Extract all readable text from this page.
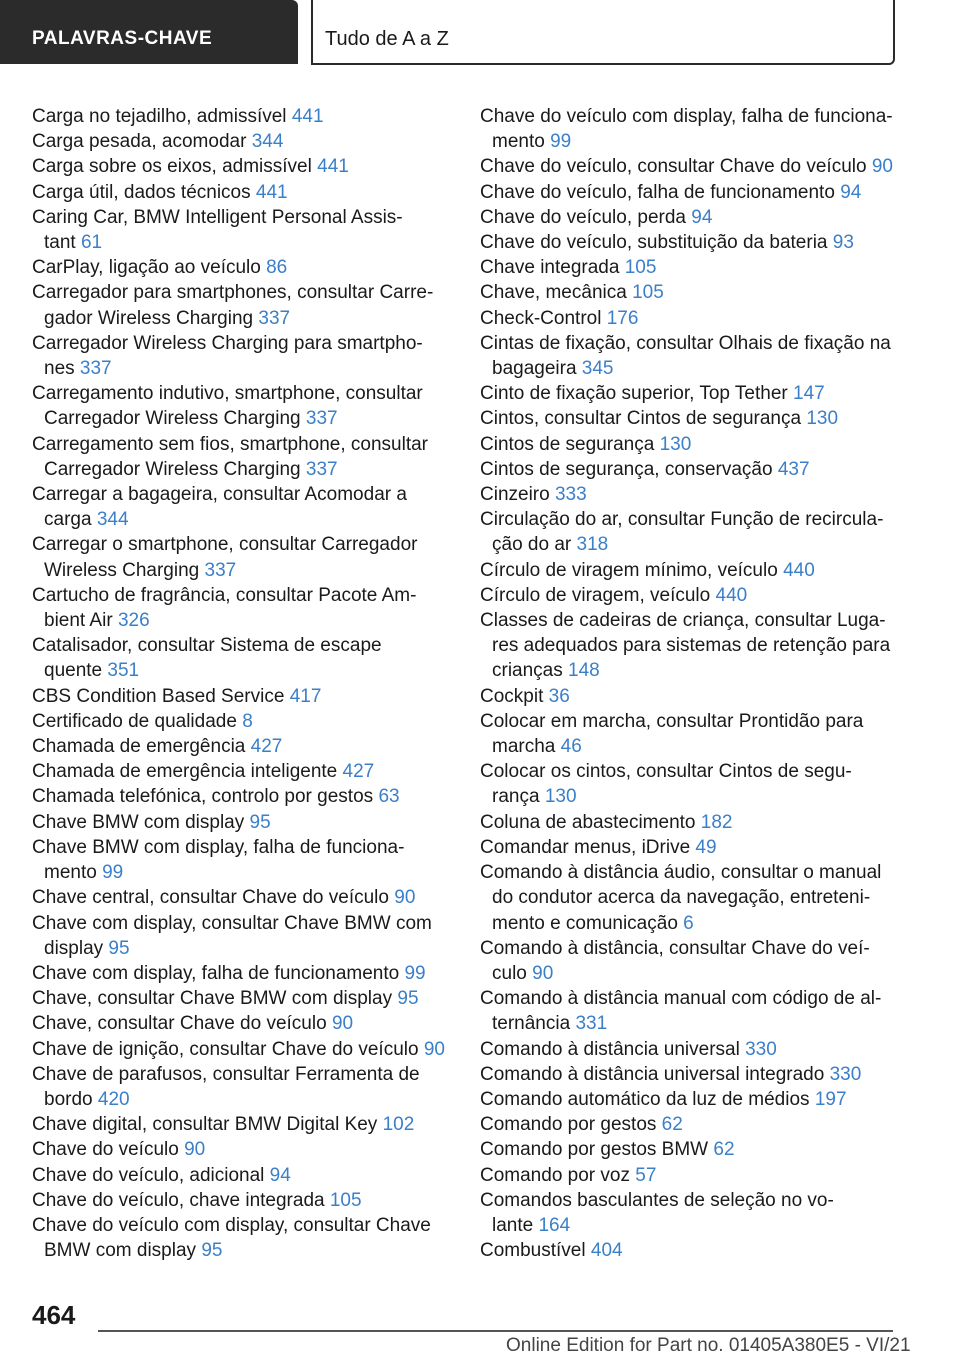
PALAVRAS-CHAVE	Tudo de A a Z
Carga no tejadilho, admissível 441
Carga pesada, acomodar 344
Carga sobre os eixos, admissível 441
Carga útil, dados técnicos 441
Caring Car, BMW Intelligent Personal Assis-
tant 61
CarPlay, ligação ao veículo 86
Carregador para smartphones, consultar Carre-
gador Wireless Charging 337
Carregador Wireless Charging para smartpho-
nes 337
Carregamento indutivo, smartphone, consultar
Carregador Wireless Charging 337
Carregamento sem fios, smartphone, consultar
Carregador Wireless Charging 337
Carregar a bagageira, consultar Acomodar a
carga 344
Carregar o smartphone, consultar Carregador
Wireless Charging 337
Cartucho de fragrância, consultar Pacote Am-
bient Air 326
Catalisador, consultar Sistema de escape
quente 351
CBS Condition Based Service 417
Certificado de qualidade 8
Chamada de emergência 427
Chamada de emergência inteligente 427
Chamada telefónica, controlo por gestos 63
Chave BMW com display 95
Chave BMW com display, falha de funciona-
mento 99
Chave central, consultar Chave do veículo 90
Chave com display, consultar Chave BMW com
display 95
Chave com display, falha de funcionamento 99
Chave, consultar Chave BMW com display 95
Chave, consultar Chave do veículo 90
Chave de ignição, consultar Chave do veículo 90
Chave de parafusos, consultar Ferramenta de
bordo 420
Chave digital, consultar BMW Digital Key 102
Chave do veículo 90
Chave do veículo, adicional 94
Chave do veículo, chave integrada 105
Chave do veículo com display, consultar Chave
BMW com display 95
Chave do veículo com display, falha de funciona-
mento 99
Chave do veículo, consultar Chave do veículo 90
Chave do veículo, falha de funcionamento 94
Chave do veículo, perda 94
Chave do veículo, substituição da bateria 93
Chave integrada 105
Chave, mecânica 105
Check-Control 176
Cintas de fixação, consultar Olhais de fixação na
bagageira 345
Cinto de fixação superior, Top Tether 147
Cintos, consultar Cintos de segurança 130
Cintos de segurança 130
Cintos de segurança, conservação 437
Cinzeiro 333
Circulação do ar, consultar Função de recircula-
ção do ar 318
Círculo de viragem mínimo, veículo 440
Círculo de viragem, veículo 440
Classes de cadeiras de criança, consultar Luga-
res adequados para sistemas de retenção para
crianças 148
Cockpit 36
Colocar em marcha, consultar Prontidão para
marcha 46
Colocar os cintos, consultar Cintos de segu-
rança 130
Coluna de abastecimento 182
Comandar menus, iDrive 49
Comando à distância áudio, consultar o manual
do condutor acerca da navegação, entreteni-
mento e comunicação 6
Comando à distância, consultar Chave do veí-
culo 90
Comando à distância manual com código de al-
ternância 331
Comando à distância universal 330
Comando à distância universal integrado 330
Comando automático da luz de médios 197
Comando por gestos 62
Comando por gestos BMW 62
Comando por voz 57
Comandos basculantes de seleção no vo-
lante 164
Combustível 404
464
Online Edition for Part no. 01405A380E5 - VI/21
